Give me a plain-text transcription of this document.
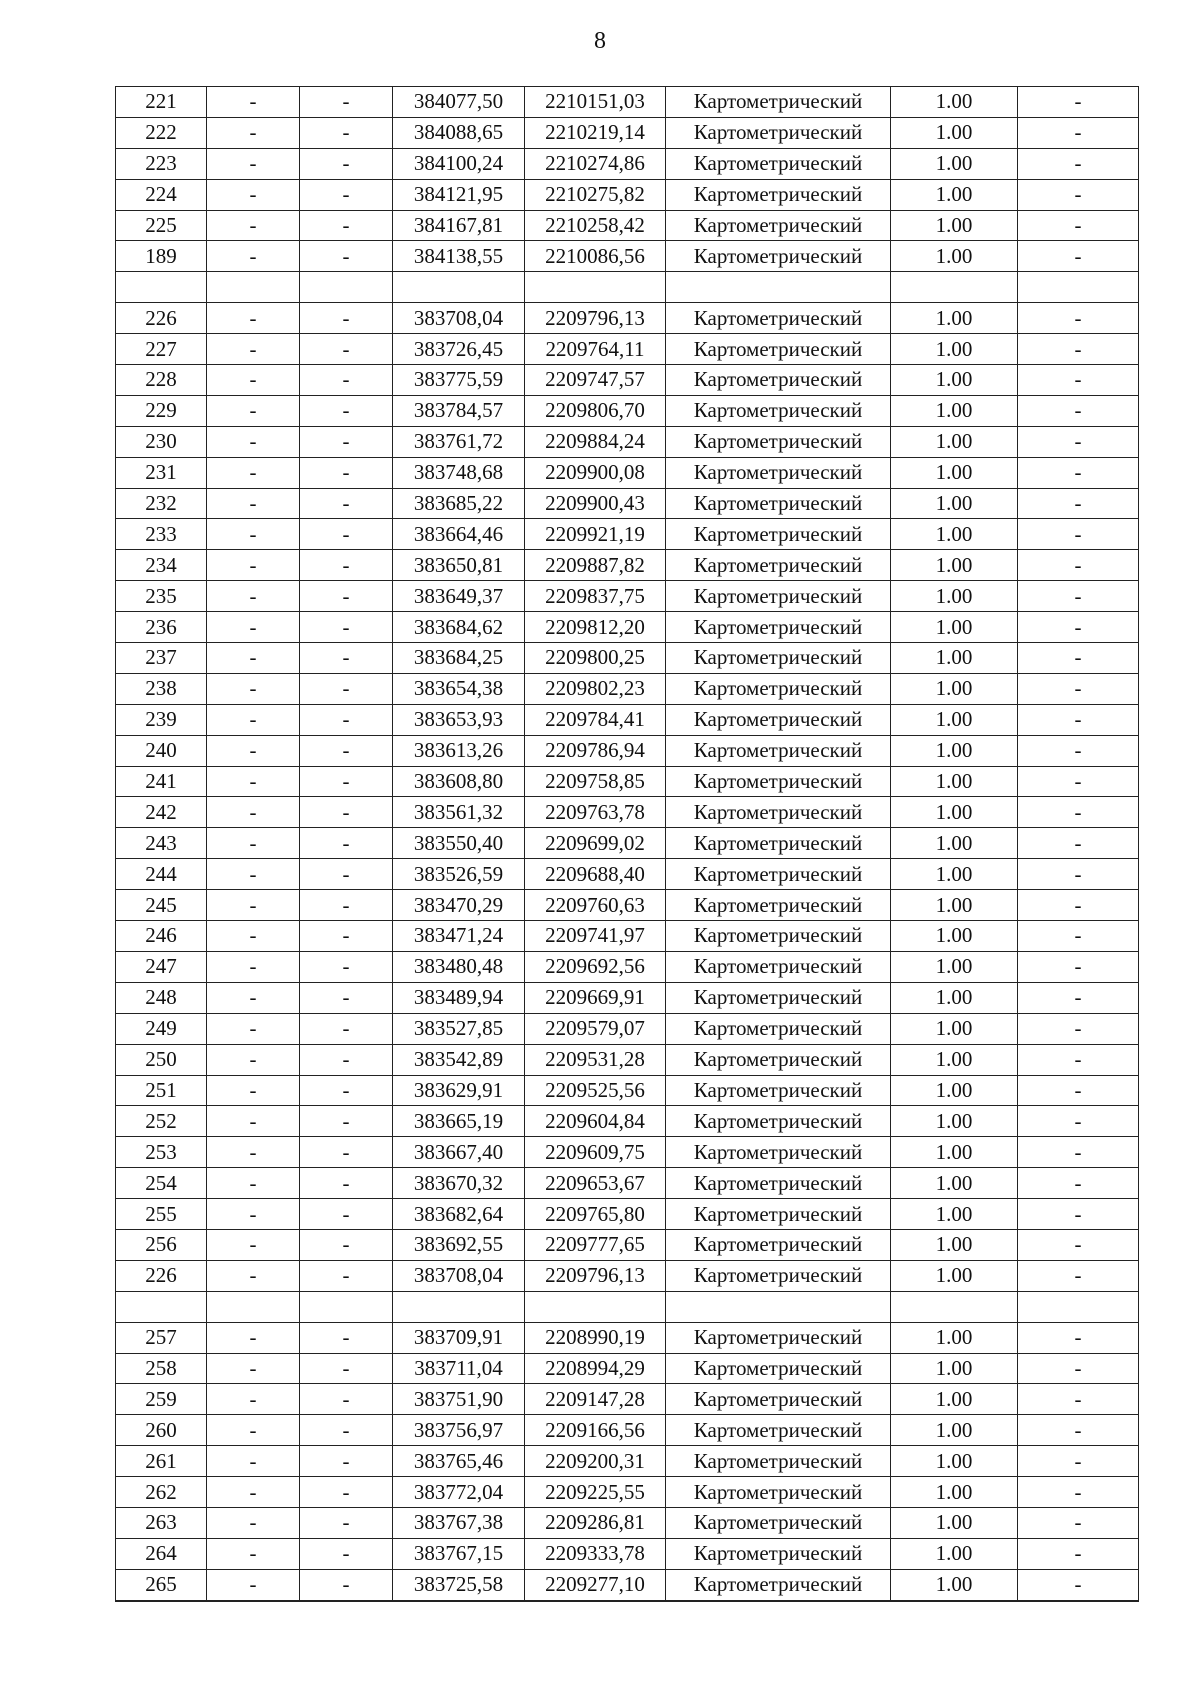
8
221	-	-	384077,50	2210151,03	Картометрический	1.00	-
222	-	-	384088,65	2210219,14	Картометрический	1.00	-
223	-	-	384100,24	2210274,86	Картометрический	1.00	-
224	-	-	384121,95	2210275,82	Картометрический	1.00	-
225	-	-	384167,81	2210258,42	Картометрический	1.00	-
189	-	-	384138,55	2210086,56	Картометрический	1.00	-

226	-	-	383708,04	2209796,13	Картометрический	1.00	-
227	-	-	383726,45	2209764,11	Картометрический	1.00	-
228	-	-	383775,59	2209747,57	Картометрический	1.00	-
229	-	-	383784,57	2209806,70	Картометрический	1.00	-
230	-	-	383761,72	2209884,24	Картометрический	1.00	-
231	-	-	383748,68	2209900,08	Картометрический	1.00	-
232	-	-	383685,22	2209900,43	Картометрический	1.00	-
233	-	-	383664,46	2209921,19	Картометрический	1.00	-
234	-	-	383650,81	2209887,82	Картометрический	1.00	-
235	-	-	383649,37	2209837,75	Картометрический	1.00	-
236	-	-	383684,62	2209812,20	Картометрический	1.00	-
237	-	-	383684,25	2209800,25	Картометрический	1.00	-
238	-	-	383654,38	2209802,23	Картометрический	1.00	-
239	-	-	383653,93	2209784,41	Картометрический	1.00	-
240	-	-	383613,26	2209786,94	Картометрический	1.00	-
241	-	-	383608,80	2209758,85	Картометрический	1.00	-
242	-	-	383561,32	2209763,78	Картометрический	1.00	-
243	-	-	383550,40	2209699,02	Картометрический	1.00	-
244	-	-	383526,59	2209688,40	Картометрический	1.00	-
245	-	-	383470,29	2209760,63	Картометрический	1.00	-
246	-	-	383471,24	2209741,97	Картометрический	1.00	-
247	-	-	383480,48	2209692,56	Картометрический	1.00	-
248	-	-	383489,94	2209669,91	Картометрический	1.00	-
249	-	-	383527,85	2209579,07	Картометрический	1.00	-
250	-	-	383542,89	2209531,28	Картометрический	1.00	-
251	-	-	383629,91	2209525,56	Картометрический	1.00	-
252	-	-	383665,19	2209604,84	Картометрический	1.00	-
253	-	-	383667,40	2209609,75	Картометрический	1.00	-
254	-	-	383670,32	2209653,67	Картометрический	1.00	-
255	-	-	383682,64	2209765,80	Картометрический	1.00	-
256	-	-	383692,55	2209777,65	Картометрический	1.00	-
226	-	-	383708,04	2209796,13	Картометрический	1.00	-

257	-	-	383709,91	2208990,19	Картометрический	1.00	-
258	-	-	383711,04	2208994,29	Картометрический	1.00	-
259	-	-	383751,90	2209147,28	Картометрический	1.00	-
260	-	-	383756,97	2209166,56	Картометрический	1.00	-
261	-	-	383765,46	2209200,31	Картометрический	1.00	-
262	-	-	383772,04	2209225,55	Картометрический	1.00	-
263	-	-	383767,38	2209286,81	Картометрический	1.00	-
264	-	-	383767,15	2209333,78	Картометрический	1.00	-
265	-	-	383725,58	2209277,10	Картометрический	1.00	-
